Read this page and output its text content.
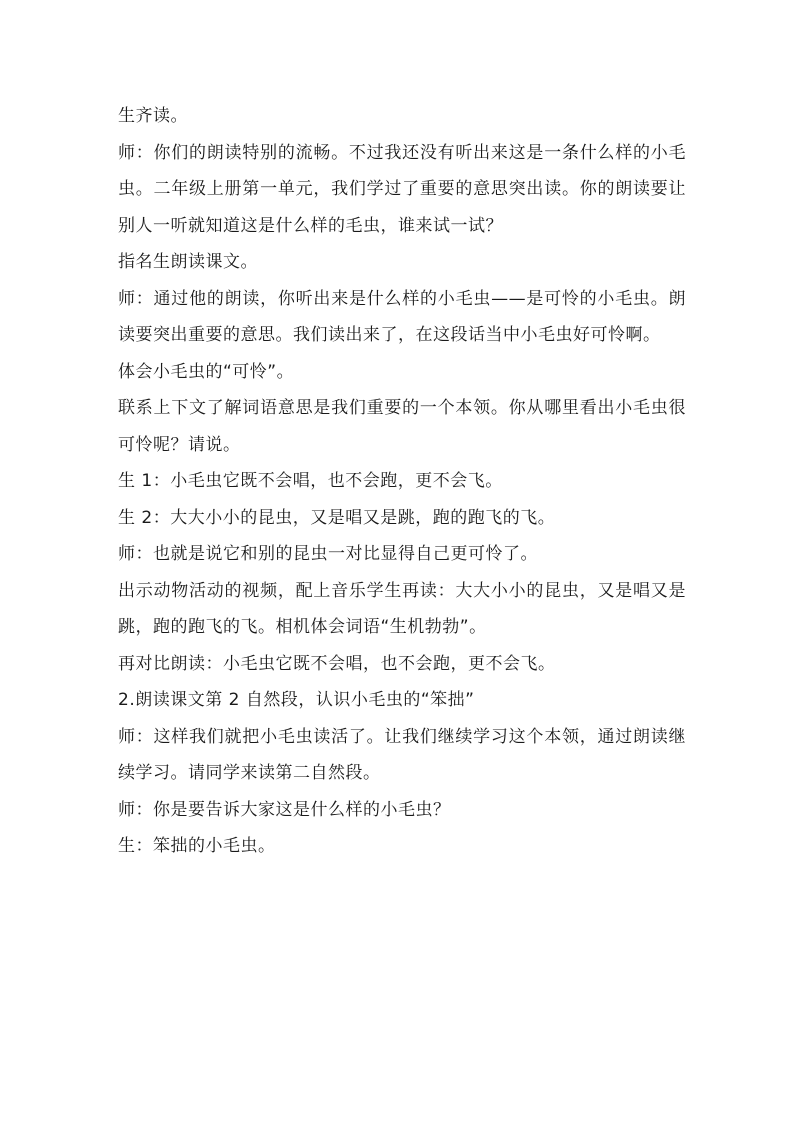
生齐读。

师：你们的朗读特别的流畅。不过我还没有听出来这是一条什么样的小毛虫。二年级上册第一单元，我们学过了重要的意思突出读。你的朗读要让别人一听就知道这是什么样的毛虫，谁来试一试？

指名生朗读课文。

师：通过他的朗读，你听出来是什么样的小毛虫——是可怜的小毛虫。朗读要突出重要的意思。我们读出来了，在这段话当中小毛虫好可怜啊。

体会小毛虫的“可怜”。

联系上下文了解词语意思是我们重要的一个本领。你从哪里看出小毛虫很可怜呢？请说。

生 1：小毛虫它既不会唱，也不会跑，更不会飞。

生 2：大大小小的昆虫，又是唱又是跳，跑的跑飞的飞。

师：也就是说它和别的昆虫一对比显得自己更可怜了。

出示动物活动的视频，配上音乐学生再读：大大小小的昆虫，又是唱又是跳，跑的跑飞的飞。相机体会词语“生机勃勃”。

再对比朗读：小毛虫它既不会唱，也不会跑，更不会飞。

2.朗读课文第 2 自然段，认识小毛虫的“笨拙”

师：这样我们就把小毛虫读活了。让我们继续学习这个本领，通过朗读继续学习。请同学来读第二自然段。

师：你是要告诉大家这是什么样的小毛虫？

生：笨拙的小毛虫。
